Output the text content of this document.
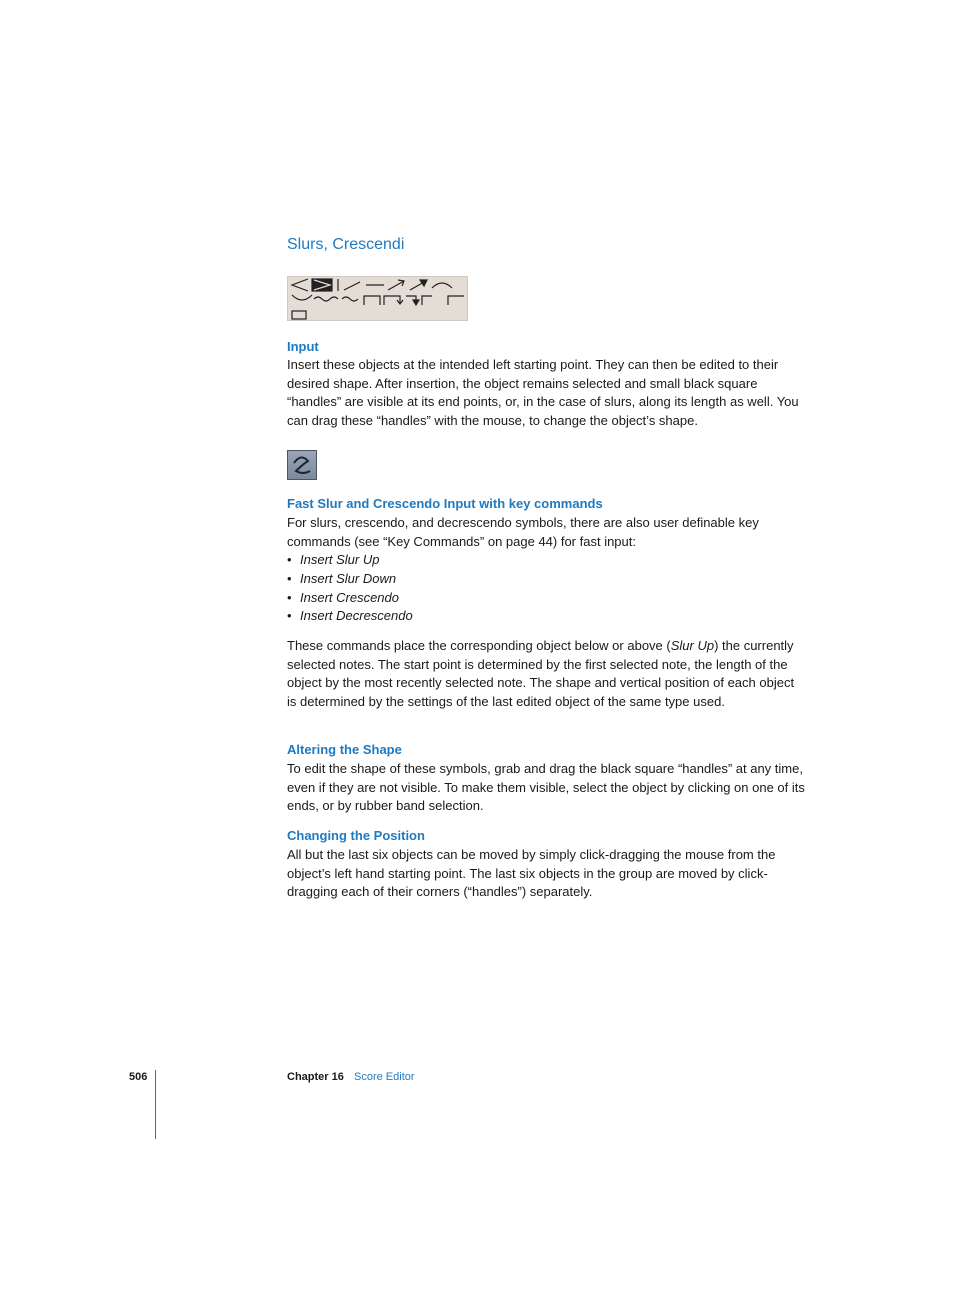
Slurs, Crescendi
Input

Insert these objects at the intended left starting point. They can then be edited to their desired shape. After insertion, the object remains selected and small black square “handles” are visible at its end points, or, in the case of slurs, along its length as well. You can drag these “handles” with the mouse, to change the object’s shape.

Fast Slur and Crescendo Input with key commands

For slurs, crescendo, and decrescendo symbols, there are also user definable key commands (see “Key Commands” on page 44) for fast input:

• Insert Slur Up
• Insert Slur Down
• Insert Crescendo
• Insert Decrescendo

These commands place the corresponding object below or above (Slur Up) the currently selected notes. The start point is determined by the first selected note, the length of the object by the most recently selected note. The shape and vertical position of each object is determined by the settings of the last edited object of the same type used.

Altering the Shape

To edit the shape of these symbols, grab and drag the black square “handles” at any time, even if they are not visible. To make them visible, select the object by clicking on one of its ends, or by rubber band selection.

Changing the Position

All but the last six objects can be moved by simply click-dragging the mouse from the object’s left hand starting point. The last six objects in the group are moved by click-dragging each of their corners (“handles”) separately.

506	Chapter 16 Score Editor
